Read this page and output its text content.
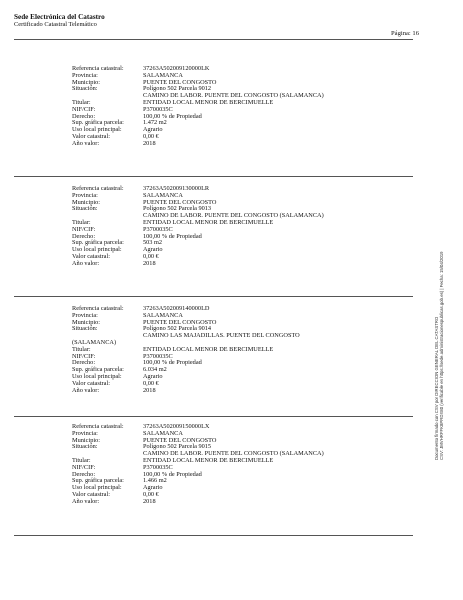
Sede Electrónica del Catastro
Certificado Catastral Telemático
Página: 16
Referencia catastral:	37263A502009120000LK
Provincia:	SALAMANCA
Municipio:	PUENTE DEL CONGOSTO
Situación:	Polígono 502 Parcela 9012
CAMINO DE LABOR. PUENTE DEL CONGOSTO (SALAMANCA)
Titular:	ENTIDAD LOCAL MENOR DE BERCIMUELLE
NIF/CIF:	P3700035C
Derecho:	100,00 % de Propiedad
Sup. gráfica parcela:	1.472 m2
Uso local principal:	Agrario
Valor catastral:	0,00 €
Año valor:	2018
Referencia catastral:	37263A502009130000LR
Provincia:	SALAMANCA
Municipio:	PUENTE DEL CONGOSTO
Situación:	Polígono 502 Parcela 9013
CAMINO DE LABOR. PUENTE DEL CONGOSTO (SALAMANCA)
Titular:	ENTIDAD LOCAL MENOR DE BERCIMUELLE
NIF/CIF:	P3700035C
Derecho:	100,00 % de Propiedad
Sup. gráfica parcela:	503 m2
Uso local principal:	Agrario
Valor catastral:	0,00 €
Año valor:	2018
Referencia catastral:	37263A502009140000LD
Provincia:	SALAMANCA
Municipio:	PUENTE DEL CONGOSTO
Situación:	Polígono 502 Parcela 9014
CAMINO LAS MAJADILLAS. PUENTE DEL CONGOSTO
(SALAMANCA)
Titular:	ENTIDAD LOCAL MENOR DE BERCIMUELLE
NIF/CIF:	P3700035C
Derecho:	100,00 % de Propiedad
Sup. gráfica parcela:	6.034 m2
Uso local principal:	Agrario
Valor catastral:	0,00 €
Año valor:	2018
Referencia catastral:	37263A502009150000LX
Provincia:	SALAMANCA
Municipio:	PUENTE DEL CONGOSTO
Situación:	Polígono 502 Parcela 9015
CAMINO DE LABOR. PUENTE DEL CONGOSTO (SALAMANCA)
Titular:	ENTIDAD LOCAL MENOR DE BERCIMUELLE
NIF/CIF:	P3700035C
Derecho:	100,00 % de Propiedad
Sup. gráfica parcela:	1.466 m2
Uso local principal:	Agrario
Valor catastral:	0,00 €
Año valor:	2018
Documento firmado con CSV por DIRECCION GENERAL DEL CATASTRO CSV: JMVHRFFK8PRDX80 (verificable en https://sede.administracionespublicas.gob.es) | Fecha: 15/04/2019
